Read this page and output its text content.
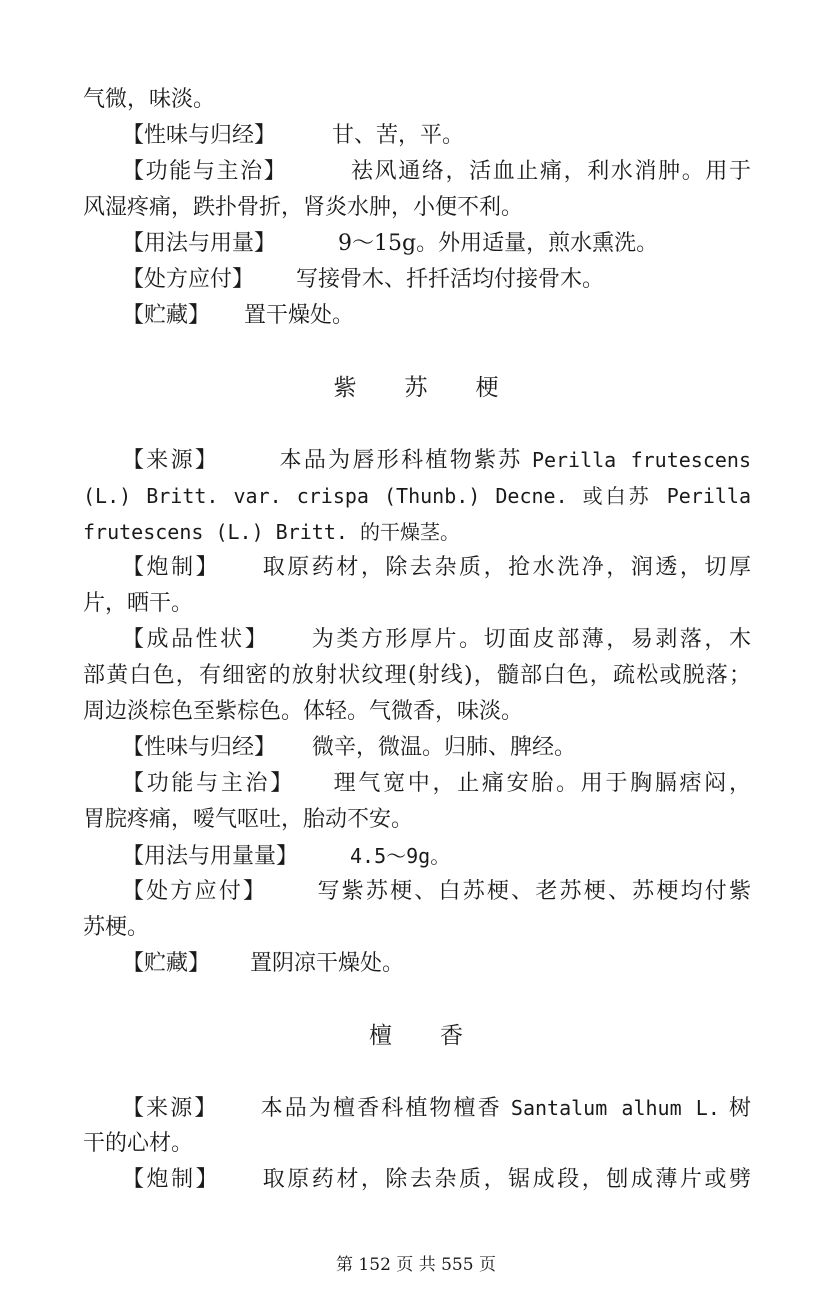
气微，味淡。
【性味与归经】	甘、苦，平。
【功能与主治】	祛风通络，活血止痛，利水消肿。用于
风湿疼痛，跌扑骨折，肾炎水肿，小便不利。
【用法与用量】	9～15g。外用适量，煎水熏洗。
【处方应付】 写接骨木、扦扦活均付接骨木。
【贮藏】 置干燥处。
紫 苏 梗
【来源】	本品为唇形科植物紫苏 Perilla frutescens
(L.) Britt. var. crispa (Thunb.) Decne. 或白苏 Perilla
frutescens (L.) Britt. 的干燥茎。
【炮制】 取原药材，除去杂质，抢水洗净，润透，切厚
片，晒干。
【成品性状】 为类方形厚片。切面皮部薄，易剥落，木
部黄白色，有细密的放射状纹理(射线)，髓部白色，疏松或脱落；
周边淡棕色至紫棕色。体轻。气微香，味淡。
【性味与归经】 微辛，微温。归肺、脾经。
【功能与主治】 理气宽中，止痛安胎。用于胸膈痞闷，
胃脘疼痛，嗳气呕吐，胎动不安。
【用法与用量量】	4.5～9g。
【处方应付】 写紫苏梗、白苏梗、老苏梗、苏梗均付紫
苏梗。
【贮藏】 置阴凉干燥处。
檀 香
【来源】 本品为檀香科植物檀香 Santalum alhum L. 树
干的心材。
【炮制】 取原药材，除去杂质，锯成段，刨成薄片或劈
第 152 页 共 555 页
